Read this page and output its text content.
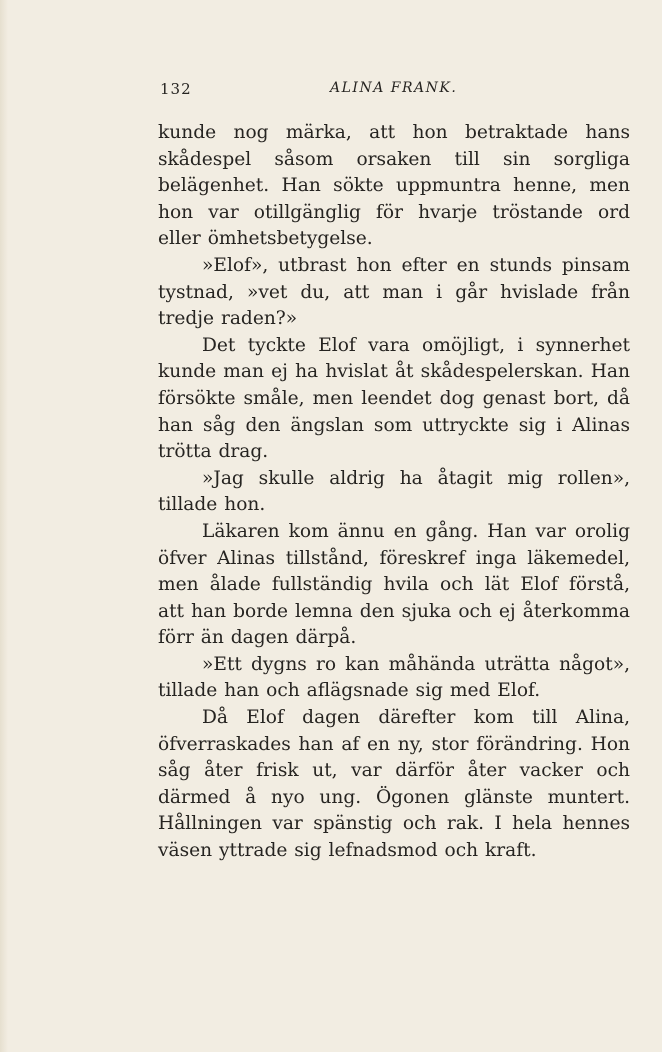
132	ALINA FRANK.

kunde nog märka, att hon betraktade hans skådespel såsom orsaken till sin sorgliga belägenhet. Han sökte uppmuntra henne, men hon var otillgänglig för hvarje tröstande ord eller ömhetsbetygelse.

»Elof», utbrast hon efter en stunds pinsam tystnad, »vet du, att man i går hvislade från tredje raden?»

Det tyckte Elof vara omöjligt, i synnerhet kunde man ej ha hvislat åt skådespelerskan. Han försökte småle, men leendet dog genast bort, då han såg den ängslan som uttryckte sig i Alinas trötta drag.

»Jag skulle aldrig ha åtagit mig rollen», tillade hon.

Läkaren kom ännu en gång. Han var orolig öfver Alinas tillstånd, föreskref inga läkemedel, men ålade fullständig hvila och lät Elof förstå, att han borde lemna den sjuka och ej återkomma förr än dagen därpå.

»Ett dygns ro kan måhända uträtta något», tillade han och aflägsnade sig med Elof.

Då Elof dagen därefter kom till Alina, öfverraskades han af en ny, stor förändring. Hon såg åter frisk ut, var därför åter vacker och därmed å nyo ung. Ögonen glänste muntert. Hållningen var spänstig och rak. I hela hennes väsen yttrade sig lefnadsmod och kraft.
